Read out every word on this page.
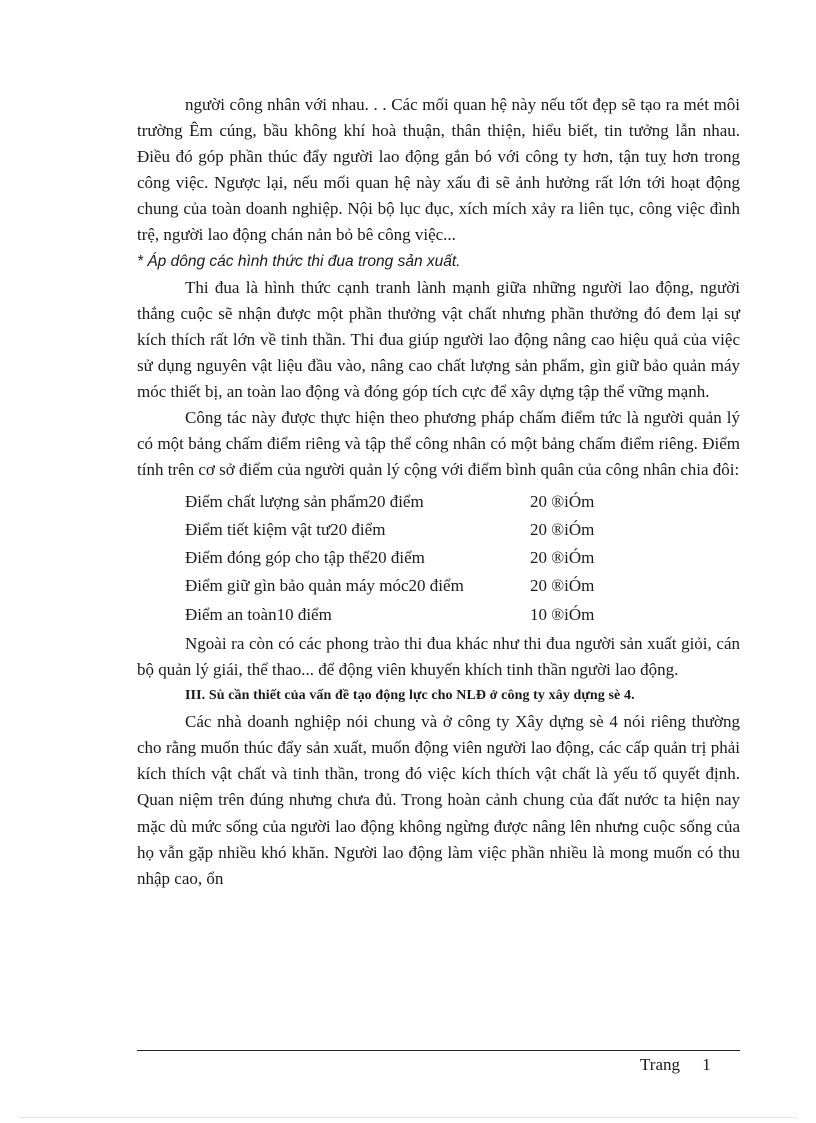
người công nhân với nhau. . . Các mối quan hệ này nếu tốt đẹp sẽ tạo ra mét môi trường Êm cúng, bầu không khí hoà thuận, thân thiện, hiểu biết, tin tưởng lẫn nhau. Điều đó góp phần thúc đẩy người lao động gắn bó với công ty hơn, tận tuỵ hơn trong công việc. Ngược lại, nếu mối quan hệ này xấu đi sẽ ảnh hưởng rất lớn tới hoạt động chung của toàn doanh nghiệp. Nội bộ lục đục, xích mích xảy ra liên tục, công việc đình trệ, người lao động chán nản bỏ bê công việc...

* Áp dông các hình thức thi đua trong sản xuất.

Thi đua là hình thức cạnh tranh lành mạnh giữa những người lao động, người thắng cuộc sẽ nhận được một phần thưởng vật chất nhưng phần thưởng đó đem lại sự kích thích rất lớn về tinh thần. Thi đua giúp người lao động nâng cao hiệu quả của việc sử dụng nguyên vật liệu đầu vào, nâng cao chất lượng sản phẩm, gìn giữ bảo quản máy móc thiết bị, an toàn lao động và đóng góp tích cực để xây dựng tập thể vững mạnh.

Công tác này được thực hiện theo phương pháp chấm điểm tức là người quản lý có một bảng chấm điểm riêng và tập thể công nhân có một bảng chấm điểm riêng. Điểm tính trên cơ sở điểm của người quản lý cộng với điểm bình quân của công nhân chia đôi:

Điểm chất lượng sản phẩm20 điểm	20 ®iÓm
Điểm tiết kiệm vật tư20 điểm	20 ®iÓm
Điểm đóng góp cho tập thể20 điểm	20 ®iÓm
Điểm giữ gìn bảo quản máy móc20 điểm	20 ®iÓm
Điểm an toàn10 điểm	10 ®iÓm

Ngoài ra còn có các phong trào thi đua khác như thi đua người sản xuất giỏi, cán bộ quản lý giái, thể thao... để động viên khuyến khích tinh thần người lao động.

III. Sù cần thiết của vấn đề tạo động lực cho NLĐ ở công ty xây dựng sè 4.

Các nhà doanh nghiệp nói chung và ở công ty Xây dựng sè 4 nói riêng thường cho rằng muốn thúc đẩy sản xuất, muốn động viên người lao động, các cấp quản trị phải kích thích vật chất và tinh thần, trong đó việc kích thích vật chất là yếu tố quyết định. Quan niệm trên đúng nhưng chưa đủ. Trong hoàn cảnh chung của đất nước ta hiện nay mặc dù mức sống của người lao động không ngừng được nâng lên nhưng cuộc sống của họ vẫn gặp nhiều khó khăn. Người lao động làm việc phần nhiều là mong muốn có thu nhập cao, ổn

Trang 1
